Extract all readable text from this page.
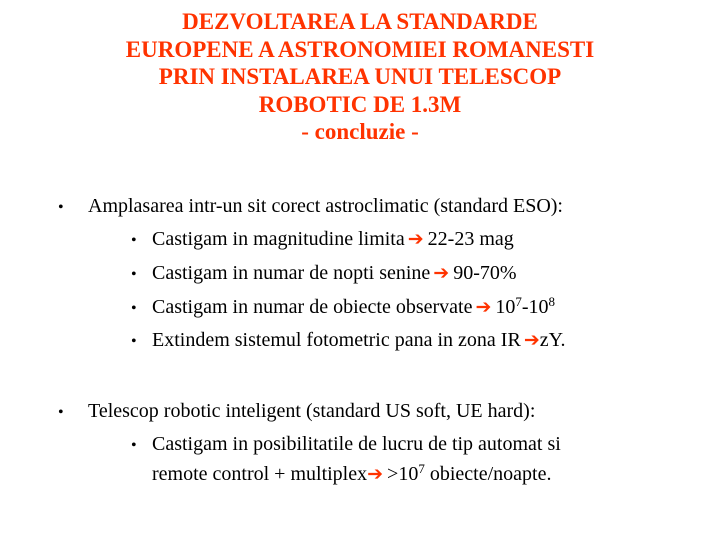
DEZVOLTAREA LA STANDARDE
EUROPENE A ASTRONOMIEI ROMANESTI
PRIN INSTALAREA UNUI TELESCOP
ROBOTIC DE 1.3M
- concluzie -
• Amplasarea intr-un sit corect astroclimatic (standard ESO):
• Castigam in magnitudine limita ➔ 22-23 mag
• Castigam in numar de nopti senine ➔ 90-70%
• Castigam in numar de obiecte observate ➔ $10^7-10^8$
• Extindem sistemul fotometric pana in zona IR ➔zY.
• Telescop robotic inteligent (standard US soft, UE hard):
• Castigam in posibilitatile de lucru de tip automat si
remote control + multiplex➔ $>10^7$ obiecte/noapte.
